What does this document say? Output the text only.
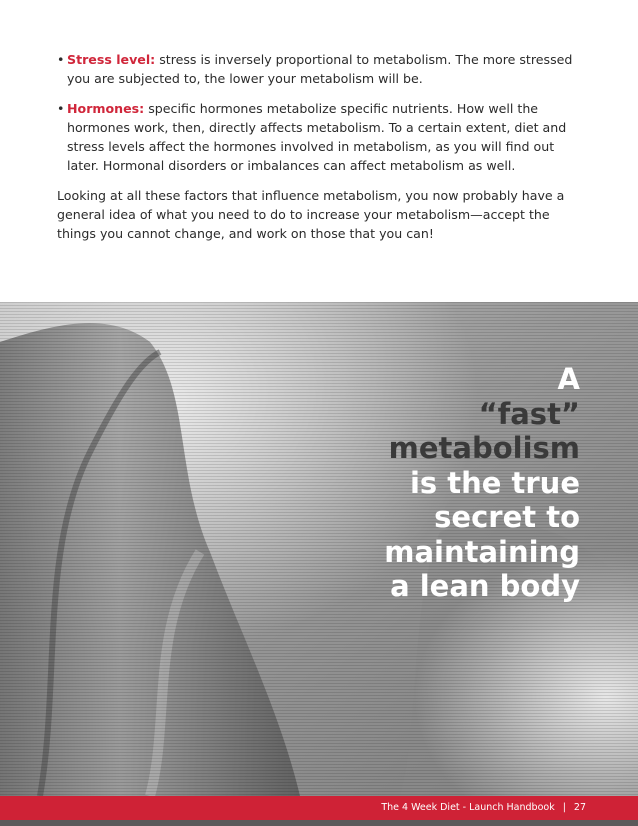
• Stress level: stress is inversely proportional to metabolism. The more stressed you are subjected to, the lower your metabolism will be.
• Hormones: specific hormones metabolize specific nutrients. How well the hormones work, then, directly affects metabolism. To a certain extent, diet and stress levels affect the hormones involved in metabolism, as you will find out later. Hormonal disorders or imbalances can affect metabolism as well.
Looking at all these factors that influence metabolism, you now probably have a general idea of what you need to do to increase your metabolism—accept the things you cannot change, and work on those that you can!
A
“fast”
metabolism
is the true
secret to
maintaining
a lean body
The 4 Week Diet - Launch Handbook | 27
